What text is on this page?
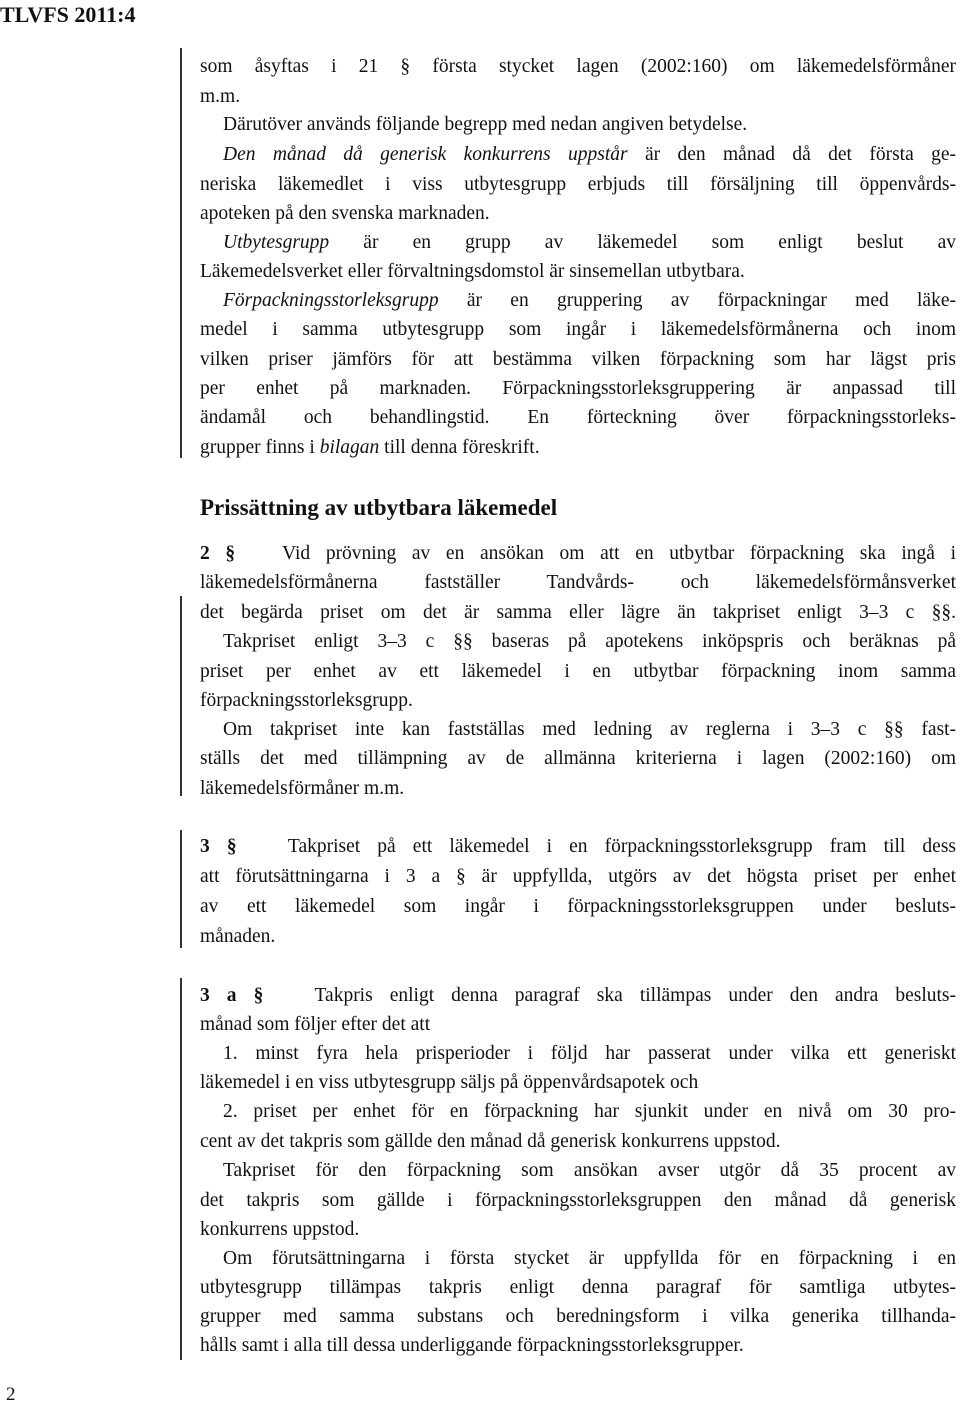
TLVFS 2011:4
som åsyftas i 21 § första stycket lagen (2002:160) om läkemedelsförmåner
m.m.
Därutöver används följande begrepp med nedan angiven betydelse.
Den månad då generisk konkurrens uppstår är den månad då det första ge-
neriska läkemedlet i viss utbytesgrupp erbjuds till försäljning till öppenvårds-
apoteken på den svenska marknaden.
Utbytesgrupp är en grupp av läkemedel som enligt beslut av
Läkemedelsverket eller förvaltningsdomstol är sinsemellan utbytbara.
Förpackningsstorleksgrupp är en gruppering av förpackningar med läke-
medel i samma utbytesgrupp som ingår i läkemedelsförmånerna och inom
vilken priser jämförs för att bestämma vilken förpackning som har lägst pris
per enhet på marknaden. Förpackningsstorleksgruppering är anpassad till
ändamål och behandlingstid. En förteckning över förpackningsstorleks-
grupper finns i bilagan till denna föreskrift.
Prissättning av utbytbara läkemedel
2 § Vid prövning av en ansökan om att en utbytbar förpackning ska ingå i
läkemedelsförmånerna fastställer Tandvårds- och läkemedelsförmånsverket
det begärda priset om det är samma eller lägre än takpriset enligt 3–3 c §§.
Takpriset enligt 3–3 c §§ baseras på apotekens inköpspris och beräknas på
priset per enhet av ett läkemedel i en utbytbar förpackning inom samma
förpackningsstorleksgrupp.
Om takpriset inte kan fastställas med ledning av reglerna i 3–3 c §§ fast-
ställs det med tillämpning av de allmänna kriterierna i lagen (2002:160) om
läkemedelsförmåner m.m.
3 §	Takpriset på ett läkemedel i en förpackningsstorleksgrupp fram till dess
att förutsättningarna i 3 a § är uppfyllda, utgörs av det högsta priset per enhet
av ett läkemedel som ingår i förpackningsstorleksgruppen under besluts-
månaden.
3 a §	Takpris enligt denna paragraf ska tillämpas under den andra besluts-
månad som följer efter det att
1. minst fyra hela prisperioder i följd har passerat under vilka ett generiskt
läkemedel i en viss utbytesgrupp säljs på öppenvårdsapotek och
2. priset per enhet för en förpackning har sjunkit under en nivå om 30 pro-
cent av det takpris som gällde den månad då generisk konkurrens uppstod.
Takpriset för den förpackning som ansökan avser utgör då 35 procent av
det takpris som gällde i förpackningsstorleksgruppen den månad då generisk
konkurrens uppstod.
Om förutsättningarna i första stycket är uppfyllda för en förpackning i en
utbytesgrupp tillämpas takpris enligt denna paragraf för samtliga utbytes-
grupper med samma substans och beredningsform i vilka generika tillhanda-
hålls samt i alla till dessa underliggande förpackningsstorleksgrupper.
2
